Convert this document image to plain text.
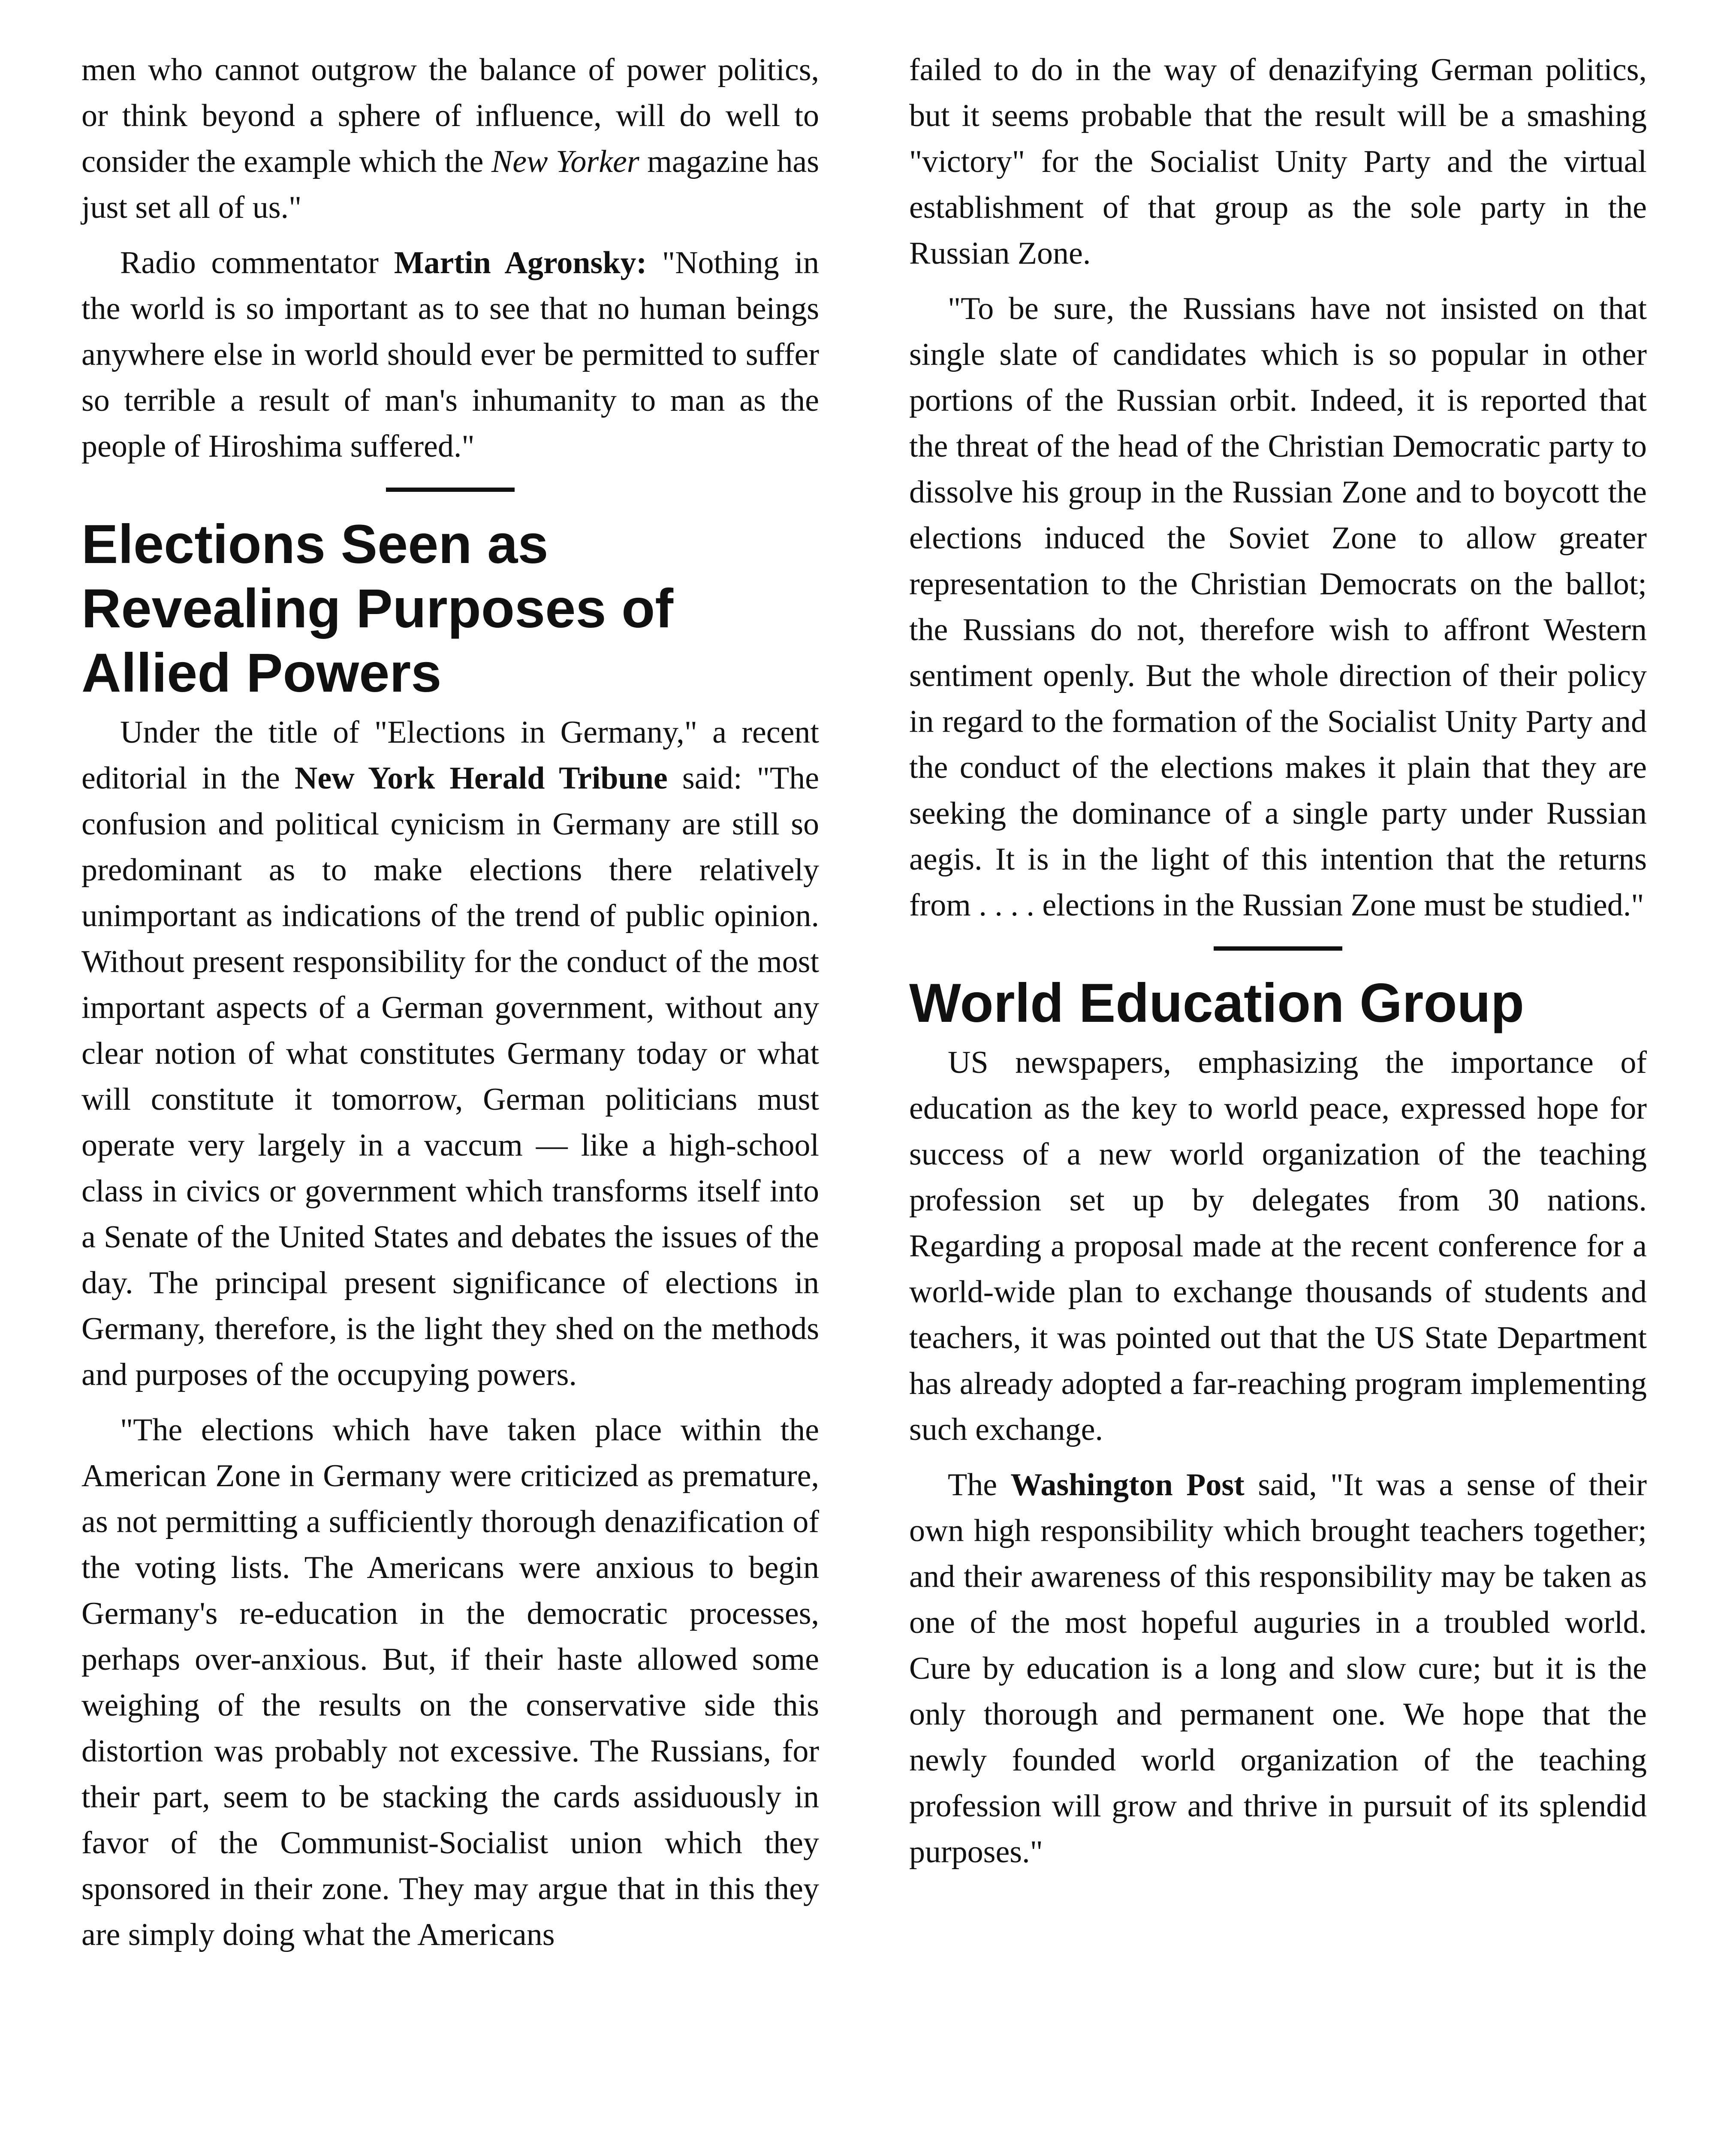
men who cannot outgrow the balance of power politics, or think beyond a sphere of influence, will do well to consider the example which the New Yorker magazine has just set all of us."

Radio commentator Martin Agronsky: "Nothing in the world is so important as to see that no human beings anywhere else in world should ever be permitted to suffer so terrible a result of man's inhumanity to man as the people of Hiroshima suffered."

Elections Seen as Revealing Purposes of Allied Powers

Under the title of "Elections in Germany," a recent editorial in the New York Herald Tribune said: "The confusion and political cynicism in Germany are still so predominant as to make elections there relatively unimportant as indications of the trend of public opinion. Without present responsibility for the conduct of the most important aspects of a German government, without any clear notion of what constitutes Germany today or what will constitute it tomorrow, German politicians must operate very largely in a vaccum — like a high-school class in civics or government which transforms itself into a Senate of the United States and debates the issues of the day. The principal present significance of elections in Germany, therefore, is the light they shed on the methods and purposes of the occupying powers.

"The elections which have taken place within the American Zone in Germany were criticized as premature, as not permitting a sufficiently thorough denazification of the voting lists. The Americans were anxious to begin Germany's re-education in the democratic processes, perhaps over-anxious. But, if their haste allowed some weighing of the results on the conservative side this distortion was probably not excessive. The Russians, for their part, seem to be stacking the cards assiduously in favor of the Communist-Socialist union which they sponsored in their zone. They may argue that in this they are simply doing what the Americans

failed to do in the way of denazifying German politics, but it seems probable that the result will be a smashing "victory" for the Socialist Unity Party and the virtual establishment of that group as the sole party in the Russian Zone.

"To be sure, the Russians have not insisted on that single slate of candidates which is so popular in other portions of the Russian orbit. Indeed, it is reported that the threat of the head of the Christian Democratic party to dissolve his group in the Russian Zone and to boycott the elections induced the Soviet Zone to allow greater representation to the Christian Democrats on the ballot; the Russians do not, therefore wish to affront Western sentiment openly. But the whole direction of their policy in regard to the formation of the Socialist Unity Party and the conduct of the elections makes it plain that they are seeking the dominance of a single party under Russian aegis. It is in the light of this intention that the returns from . . . . elections in the Russian Zone must be studied."

World Education Group

US newspapers, emphasizing the importance of education as the key to world peace, expressed hope for success of a new world organization of the teaching profession set up by delegates from 30 nations. Regarding a proposal made at the recent conference for a world-wide plan to exchange thousands of students and teachers, it was pointed out that the US State Department has already adopted a far-reaching program implementing such exchange.

The Washington Post said, "It was a sense of their own high responsibility which brought teachers together; and their awareness of this responsibility may be taken as one of the most hopeful auguries in a troubled world. Cure by education is a long and slow cure; but it is the only thorough and permanent one. We hope that the newly founded world organization of the teaching profession will grow and thrive in pursuit of its splendid purposes."
